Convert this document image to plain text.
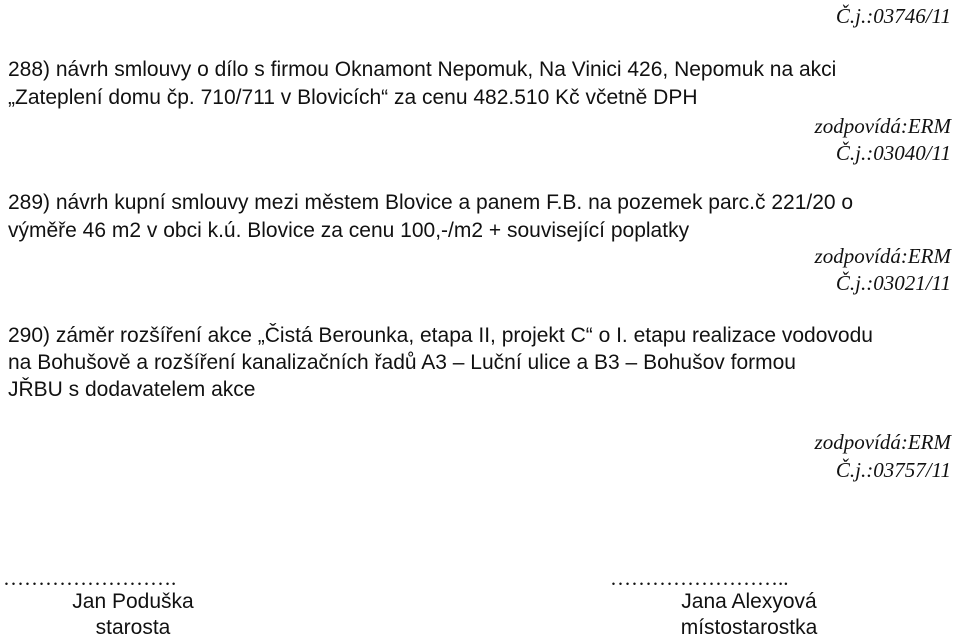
Č.j.:03746/11
288) návrh smlouvy o dílo s firmou Oknamont Nepomuk, Na Vinici 426, Nepomuk na akci
„Zateplení domu čp. 710/711 v Blovicích“ za cenu 482.510 Kč včetně DPH
zodpovídá:ERM
Č.j.:03040/11
289) návrh kupní smlouvy mezi městem Blovice a panem F.B. na pozemek parc.č 221/20 o
výměře 46 m2 v obci k.ú. Blovice za cenu 100,-/m2 + související poplatky
zodpovídá:ERM
Č.j.:03021/11
290) záměr rozšíření akce „Čistá Berounka, etapa II, projekt C“ o I. etapu realizace vodovodu
na Bohušově a rozšíření kanalizačních řadů A3 – Luční ulice a B3 – Bohušov formou
JŘBU s dodavatelem akce
zodpovídá:ERM
Č.j.:03757/11
…………………….
Jan Poduška
starosta
……………………..
Jana Alexyová
místostarostka
